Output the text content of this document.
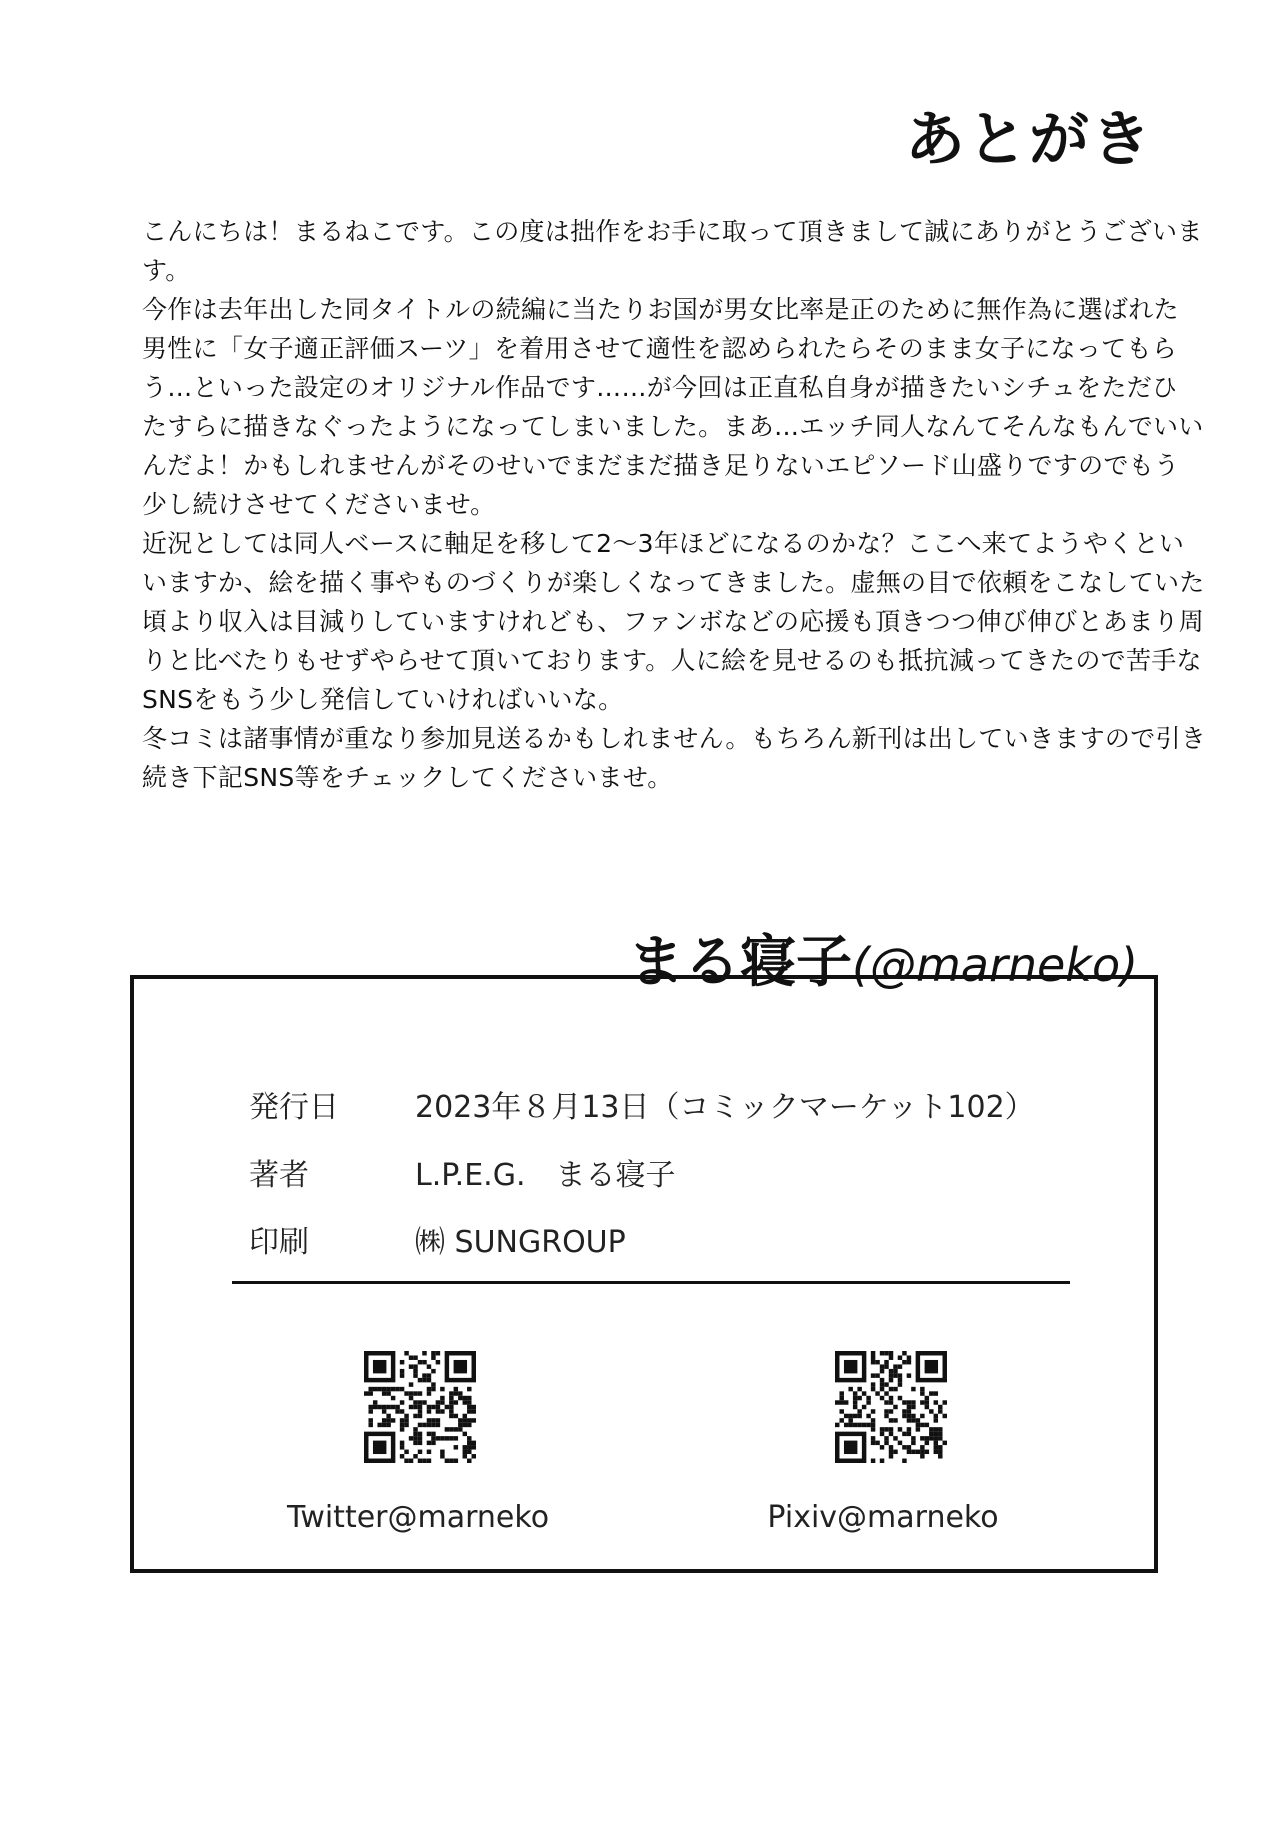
あとがき
こんにちは！まるねこです。この度は拙作をお手に取って頂きまして誠にありがとうございま
す。
今作は去年出した同タイトルの続編に当たりお国が男女比率是正のために無作為に選ばれた
男性に「女子適正評価スーツ」を着用させて適性を認められたらそのまま女子になってもら
う…といった設定のオリジナル作品です……が今回は正直私自身が描きたいシチュをただひ
たすらに描きなぐったようになってしまいました。まあ…エッチ同人なんてそんなもんでいい
んだよ！かもしれませんがそのせいでまだまだ描き足りないエピソード山盛りですのでもう
少し続けさせてくださいませ。
近況としては同人ベースに軸足を移して2〜3年ほどになるのかな？ここへ来てようやくとい
いますか、絵を描く事やものづくりが楽しくなってきました。虚無の目で依頼をこなしていた
頃より収入は目減りしていますけれども、ファンボなどの応援も頂きつつ伸び伸びとあまり周
りと比べたりもせずやらせて頂いております。人に絵を見せるのも抵抗減ってきたので苦手な
SNSをもう少し発信していければいいな。
冬コミは諸事情が重なり参加見送るかもしれません。もちろん新刊は出していきますので引き
続き下記SNS等をチェックしてくださいませ。
まる寝子(@marneko)
発行日	2023年８月13日（コミックマーケット102）
著者	L.P.E.G.　まる寝子
印刷	㈱ SUNGROUP
Twitter@marneko	Pixiv@marneko
